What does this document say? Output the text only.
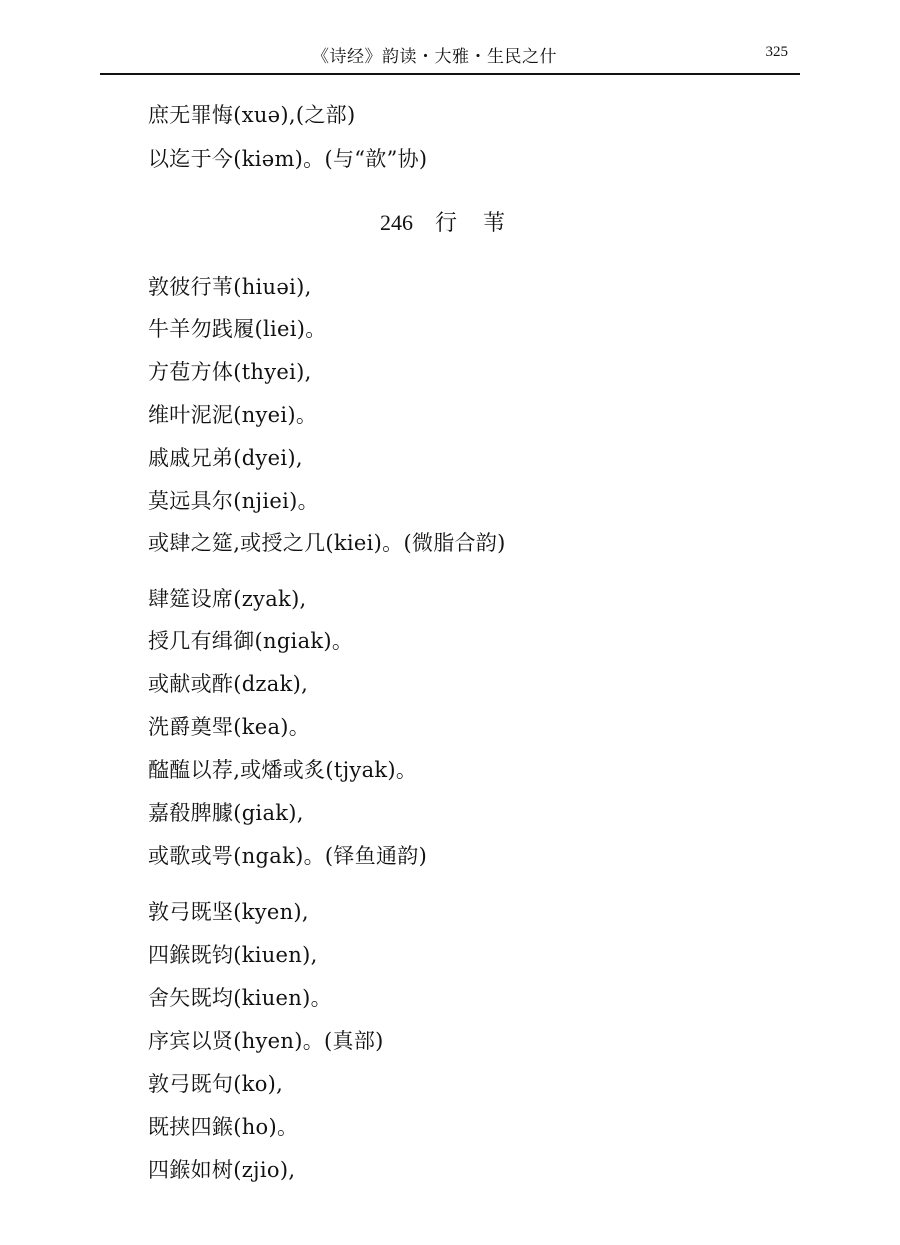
《诗经》韵读・大雅・生民之什	325
庶无罪悔(xuə),(之部)
以迄于今(kiəm)。(与“歆”协)
246 行苇
敦彼行苇(hiuəi),
牛羊勿践履(liei)。
方苞方体(thyei),
维叶泥泥(nyei)。
戚戚兄弟(dyei),
莫远具尔(njiei)。
或肆之筵,或授之几(kiei)。(微脂合韵)
肆筵设席(zyak),
授几有缉御(ngiak)。
或献或酢(dzak),
洗爵奠斝(kea)。
醓醢以荐,或燔或炙(tjyak)。
嘉殽脾臄(giak),
或歌或咢(ngak)。(铎鱼通韵)
敦弓既坚(kyen),
四鍭既钧(kiuen),
舍矢既均(kiuen)。
序宾以贤(hyen)。(真部)
敦弓既句(ko),
既挟四鍭(ho)。
四鍭如树(zjio),
